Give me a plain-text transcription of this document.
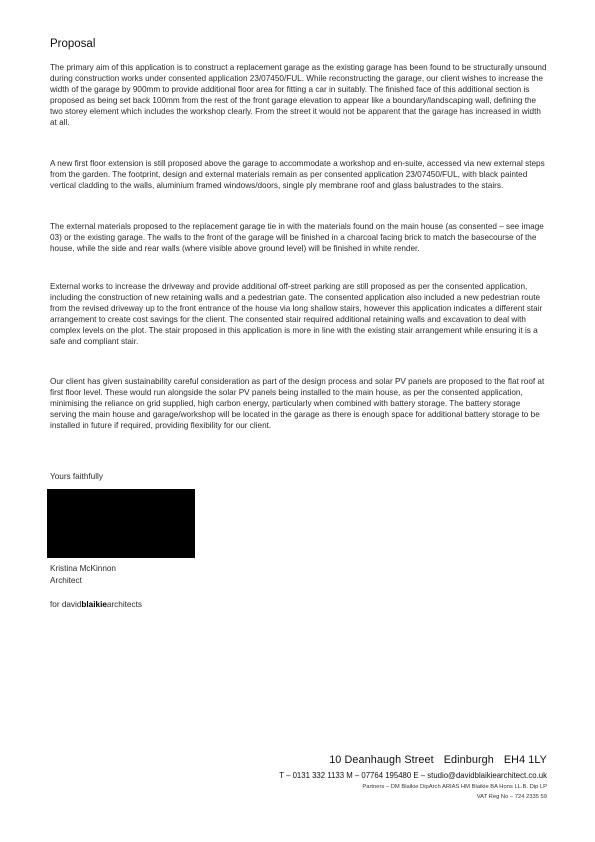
Proposal

The primary aim of this application is to construct a replacement garage as the existing garage has been found to be structurally unsound during construction works under consented application 23/07450/FUL. While reconstructing the garage, our client wishes to increase the width of the garage by 900mm to provide additional floor area for fitting a car in suitably. The finished face of this additional section is proposed as being set back 100mm from the rest of the front garage elevation to appear like a boundary/landscaping wall, defining the two storey element which includes the workshop clearly. From the street it would not be apparent that the garage has increased in width at all.

A new first floor extension is still proposed above the garage to accommodate a workshop and en-suite, accessed via new external steps from the garden. The footprint, design and external materials remain as per consented application 23/07450/FUL, with black painted vertical cladding to the walls, aluminium framed windows/doors, single ply membrane roof and glass balustrades to the stairs.

The external materials proposed to the replacement garage tie in with the materials found on the main house (as consented – see image 03) or the existing garage. The walls to the front of the garage will be finished in a charcoal facing brick to match the basecourse of the house, while the side and rear walls (where visible above ground level) will be finished in white render.

External works to increase the driveway and provide additional off-street parking are still proposed as per the consented application, including the construction of new retaining walls and a pedestrian gate. The consented application also included a new pedestrian route from the revised driveway up to the front entrance of the house via long shallow stairs, however this application indicates a different stair arrangement to create cost savings for the client. The consented stair required additional retaining walls and excavation to deal with complex levels on the plot. The stair proposed in this application is more in line with the existing stair arrangement while ensuring it is a safe and compliant stair.

Our client has given sustainability careful consideration as part of the design process and solar PV panels are proposed to the flat roof at first floor level. These would run alongside the solar PV panels being installed to the main house, as per the consented application, minimising the reliance on grid supplied, high carbon energy, particularly when combined with battery storage. The battery storage serving the main house and garage/workshop will be located in the garage as there is enough space for additional battery storage to be installed in future if required, providing flexibility for our client.

Yours faithfully
Kristina McKinnon
Architect
for davidblaikiearchitects
10 Deanhaugh Street Edinburgh EH4 1LY
T – 0131 332 1133 M – 07764 195480 E – studio@davidblaikiearchitect.co.uk
Partners – DM Blaikie DipArch ARIAS HM Blaikie BA Hons LL.B. Dip LP
VAT Reg No – 724 2335 59
